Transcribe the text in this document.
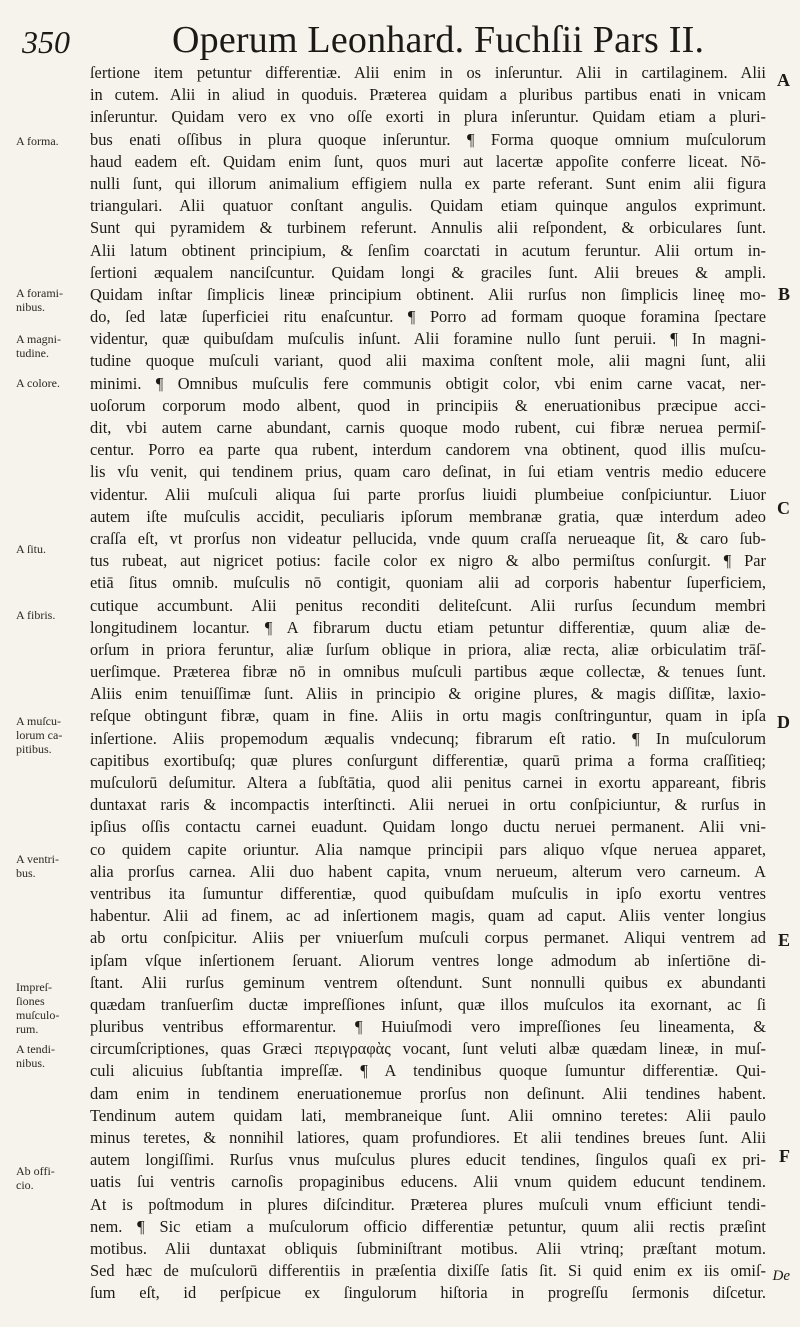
350	Operum Leonhard. Fuchſii Pars II.
A forma.
A forami-
nibus.
A magni-
tudine.
A colore.
A ſitu.
A fibris.
A muſcu-
lorum ca-
pitibus.
A ventri-
bus.
Impreſ-
ſiones
muſculo-
rum.
A tendi-
nibus.
Ab offi-
cio.
A
B
C
D
E
F
ſertione item petuntur differentiæ. Alii enim in os inſeruntur. Alii in cartilaginem. Alii
in cutem. Alii in aliud in quoduis. Præterea quidam a pluribus partibus enati in vnicam
inſeruntur. Quidam vero ex vno oſſe exorti in plura inſeruntur. Quidam etiam a pluri-
bus enati oſſibus in plura quoque inſeruntur. ¶ Forma quoque omnium muſculorum
haud eadem eſt. Quidam enim ſunt, quos muri aut lacertæ appoſite conferre liceat. Nō-
nulli ſunt, qui illorum animalium effigiem nulla ex parte referant. Sunt enim alii figura
triangulari. Alii quatuor conſtant angulis. Quidam etiam quinque angulos exprimunt.
Sunt qui pyramidem & turbinem referunt. Annulis alii reſpondent, & orbiculares ſunt.
Alii latum obtinent principium, & ſenſim coarctati in acutum feruntur. Alii ortum in-
ſertioni æqualem nanciſcuntur. Quidam longi & graciles ſunt. Alii breues & ampli.
Quidam inſtar ſimplicis lineæ principium obtinent. Alii rurſus non ſimplicis lineę mo-
do, ſed latæ ſuperficiei ritu enaſcuntur. ¶ Porro ad formam quoque foramina ſpectare
videntur, quæ quibuſdam muſculis inſunt. Alii foramine nullo ſunt peruii. ¶ In magni-
tudine quoque muſculi variant, quod alii maxima conſtent mole, alii magni ſunt, alii
minimi. ¶ Omnibus muſculis fere communis obtigit color, vbi enim carne vacat, ner-
uoſorum corporum modo albent, quod in principiis & eneruationibus præcipue acci-
dit, vbi autem carne abundant, carnis quoque modo rubent, cui fibræ neruea permiſ-
centur. Porro ea parte qua rubent, interdum candorem vna obtinent, quod illis muſcu-
lis vſu venit, qui tendinem prius, quam caro deſinat, in ſui etiam ventris medio educere
videntur. Alii muſculi aliqua ſui parte prorſus liuidi plumbeiue conſpiciuntur. Liuor
autem iſte muſculis accidit, peculiaris ipſorum membranæ gratia, quæ interdum adeo
craſſa eſt, vt prorſus non videatur pellucida, vnde quum craſſa nerueaque ſit, & caro ſub-
tus rubeat, aut nigricet potius: facile color ex nigro & albo permiſtus conſurgit. ¶ Par
etiā ſitus omnib. muſculis nō contigit, quoniam alii ad corporis habentur ſuperficiem,
cutique accumbunt. Alii penitus reconditi deliteſcunt. Alii rurſus ſecundum membri
longitudinem locantur. ¶ A fibrarum ductu etiam petuntur differentiæ, quum aliæ de-
orſum in priora feruntur, aliæ ſurſum oblique in priora, aliæ recta, aliæ orbiculatim trāſ-
uerſimque. Præterea fibræ nō in omnibus muſculi partibus æque collectæ, & tenues ſunt.
Aliis enim tenuiſſimæ ſunt. Aliis in principio & origine plures, & magis diſſitæ, laxio-
reſque obtingunt fibræ, quam in fine. Aliis in ortu magis conſtringuntur, quam in ipſa
inſertione. Aliis propemodum æqualis vndecunq; fibrarum eſt ratio. ¶ In muſculorum
capitibus exortibuſq; quæ plures conſurgunt differentiæ, quarū prima a forma craſſitieq;
muſculorū deſumitur. Altera a ſubſtātia, quod alii penitus carnei in exortu appareant, fibris
duntaxat raris & incompactis interſtincti. Alii neruei in ortu conſpiciuntur, & rurſus in
ipſius oſſis contactu carnei euadunt. Quidam longo ductu neruei permanent. Alii vni-
co quidem capite oriuntur. Alia namque principii pars aliquo vſque neruea apparet,
alia prorſus carnea. Alii duo habent capita, vnum nerueum, alterum vero carneum. A
ventribus ita ſumuntur differentiæ, quod quibuſdam muſculis in ipſo exortu ventres
habentur. Alii ad finem, ac ad inſertionem magis, quam ad caput. Aliis venter longius
ab ortu conſpicitur. Aliis per vniuerſum muſculi corpus permanet. Aliqui ventrem ad
ipſam vſque inſertionem ſeruant. Aliorum ventres longe admodum ab inſertiōne di-
ſtant. Alii rurſus geminum ventrem oſtendunt. Sunt nonnulli quibus ex abundanti
quædam tranſuerſim ductæ impreſſiones inſunt, quæ illos muſculos ita exornant, ac ſi
pluribus ventribus efformarentur. ¶ Huiuſmodi vero impreſſiones ſeu lineamenta, &
circumſcriptiones, quas Græci περιγραφὰς vocant, ſunt veluti albæ quædam lineæ, in muſ-
culi alicuius ſubſtantia impreſſæ. ¶ A tendinibus quoque ſumuntur differentiæ. Qui-
dam enim in tendinem eneruationemue prorſus non deſinunt. Alii tendines habent.
Tendinum autem quidam lati, membraneique ſunt. Alii omnino teretes: Alii paulo
minus teretes, & nonnihil latiores, quam profundiores. Et alii tendines breues ſunt. Alii
autem longiſſimi. Rurſus vnus muſculus plures educit tendines, ſingulos quaſi ex pri-
uatis ſui ventris carnoſis propaginibus educens. Alii vnum quidem educunt tendinem.
At is poſtmodum in plures diſcinditur. Præterea plures muſculi vnum efficiunt tendi-
nem. ¶ Sic etiam a muſculorum officio differentiæ petuntur, quum alii rectis præſint
motibus. Alii duntaxat obliquis ſubminiſtrant motibus. Alii vtrinq; præſtant motum.
Sed hæc de muſculorū differentiis in præſentia dixiſſe ſatis ſit. Si quid enim ex iis omiſ-
ſum eſt, id perſpicue ex ſingulorum hiſtoria in progreſſu ſermonis diſcetur.
De
